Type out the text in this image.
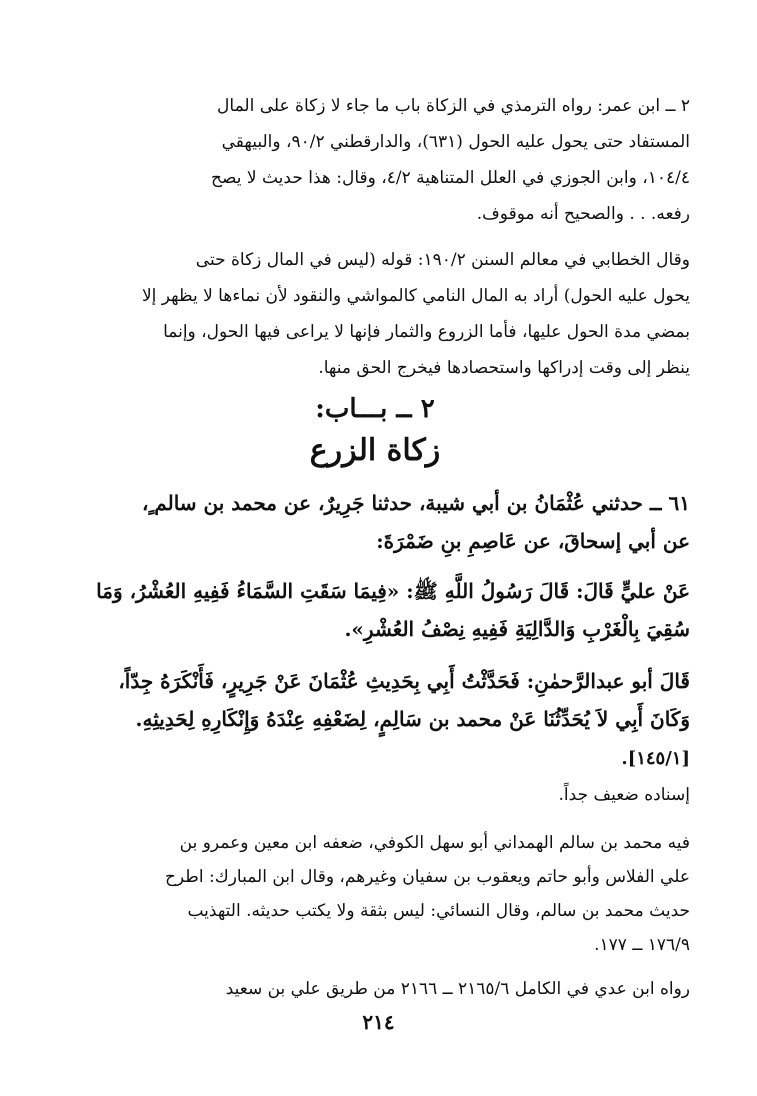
٢ ــ ابن عمر: رواه الترمذي في الزكاة باب ما جاء لا زكاة على المال
المستفاد حتى يحول عليه الحول (٦٣١)، والدارقطني ٩٠/٢، والبيهقي
١٠٤/٤، وابن الجوزي في العلل المتناهية ٤/٢، وقال: هذا حديث لا يصح
رفعه. . . والصحيح أنه موقوف.

وقال الخطابي في معالم السنن ١٩٠/٢: قوله (ليس في المال زكاة حتى
يحول عليه الحول) أراد به المال النامي كالمواشي والنقود لأن نماءها لا يظهر إلا
بمضي مدة الحول عليها، فأما الزروع والثمار فإنها لا يراعى فيها الحول، وإنما
ينظر إلى وقت إدراكها واستحصادها فيخرج الحق منها.

٢ ــ بـــاب:
زكاة الزرع

٦١ ــ حدثني عُثْمَانُ بن أبي شيبة، حدثنا جَرِيرٌ، عن محمد بن سالم ٍ،
عن أبي إسحاقَ، عن عَاصِمِ بنِ ضَمْرَةَ:

عَنْ عليٍّ قَالَ: قَالَ رَسُولُ اللَّهِ ﷺ: «فِيمَا سَقَتِ السَّمَاءُ فَفِيهِ العُشْرُ، وَمَا
سُقِيَ بِالْغَرْبِ وَالدَّالِيَةِ فَفِيهِ نِصْفُ العُشْرِ».

قَالَ أبو عبدالرَّحمٰنِ: فَحَدَّثْتُ أَبِي بِحَدِيثِ عُثْمَانَ عَنْ جَرِيرٍ، فَأَنْكَرَهُ جِدّاً،
وَكَانَ أَبِي لاَ يُحَدِّثُنَا عَنْ محمد بن سَالِمٍ، لِضَعْفِهِ عِنْدَهُ وَإِنْكَارِهِ لِحَدِيثِهِ.
[١٤٥/١].

إسناده ضعيف جداً.

فيه محمد بن سالم الهمداني أبو سهل الكوفي، ضعفه ابن معين وعمرو بن
علي الفلاس وأبو حاتم ويعقوب بن سفيان وغيرهم، وقال ابن المبارك: اطرح
حديث محمد بن سالم، وقال النسائي: ليس بثقة ولا يكتب حديثه. التهذيب
١٧٦/٩ ــ ١٧٧.

رواه ابن عدي في الكامل ٢١٦٥/٦ ــ ٢١٦٦ من طريق علي بن سعيد

٢١٤
